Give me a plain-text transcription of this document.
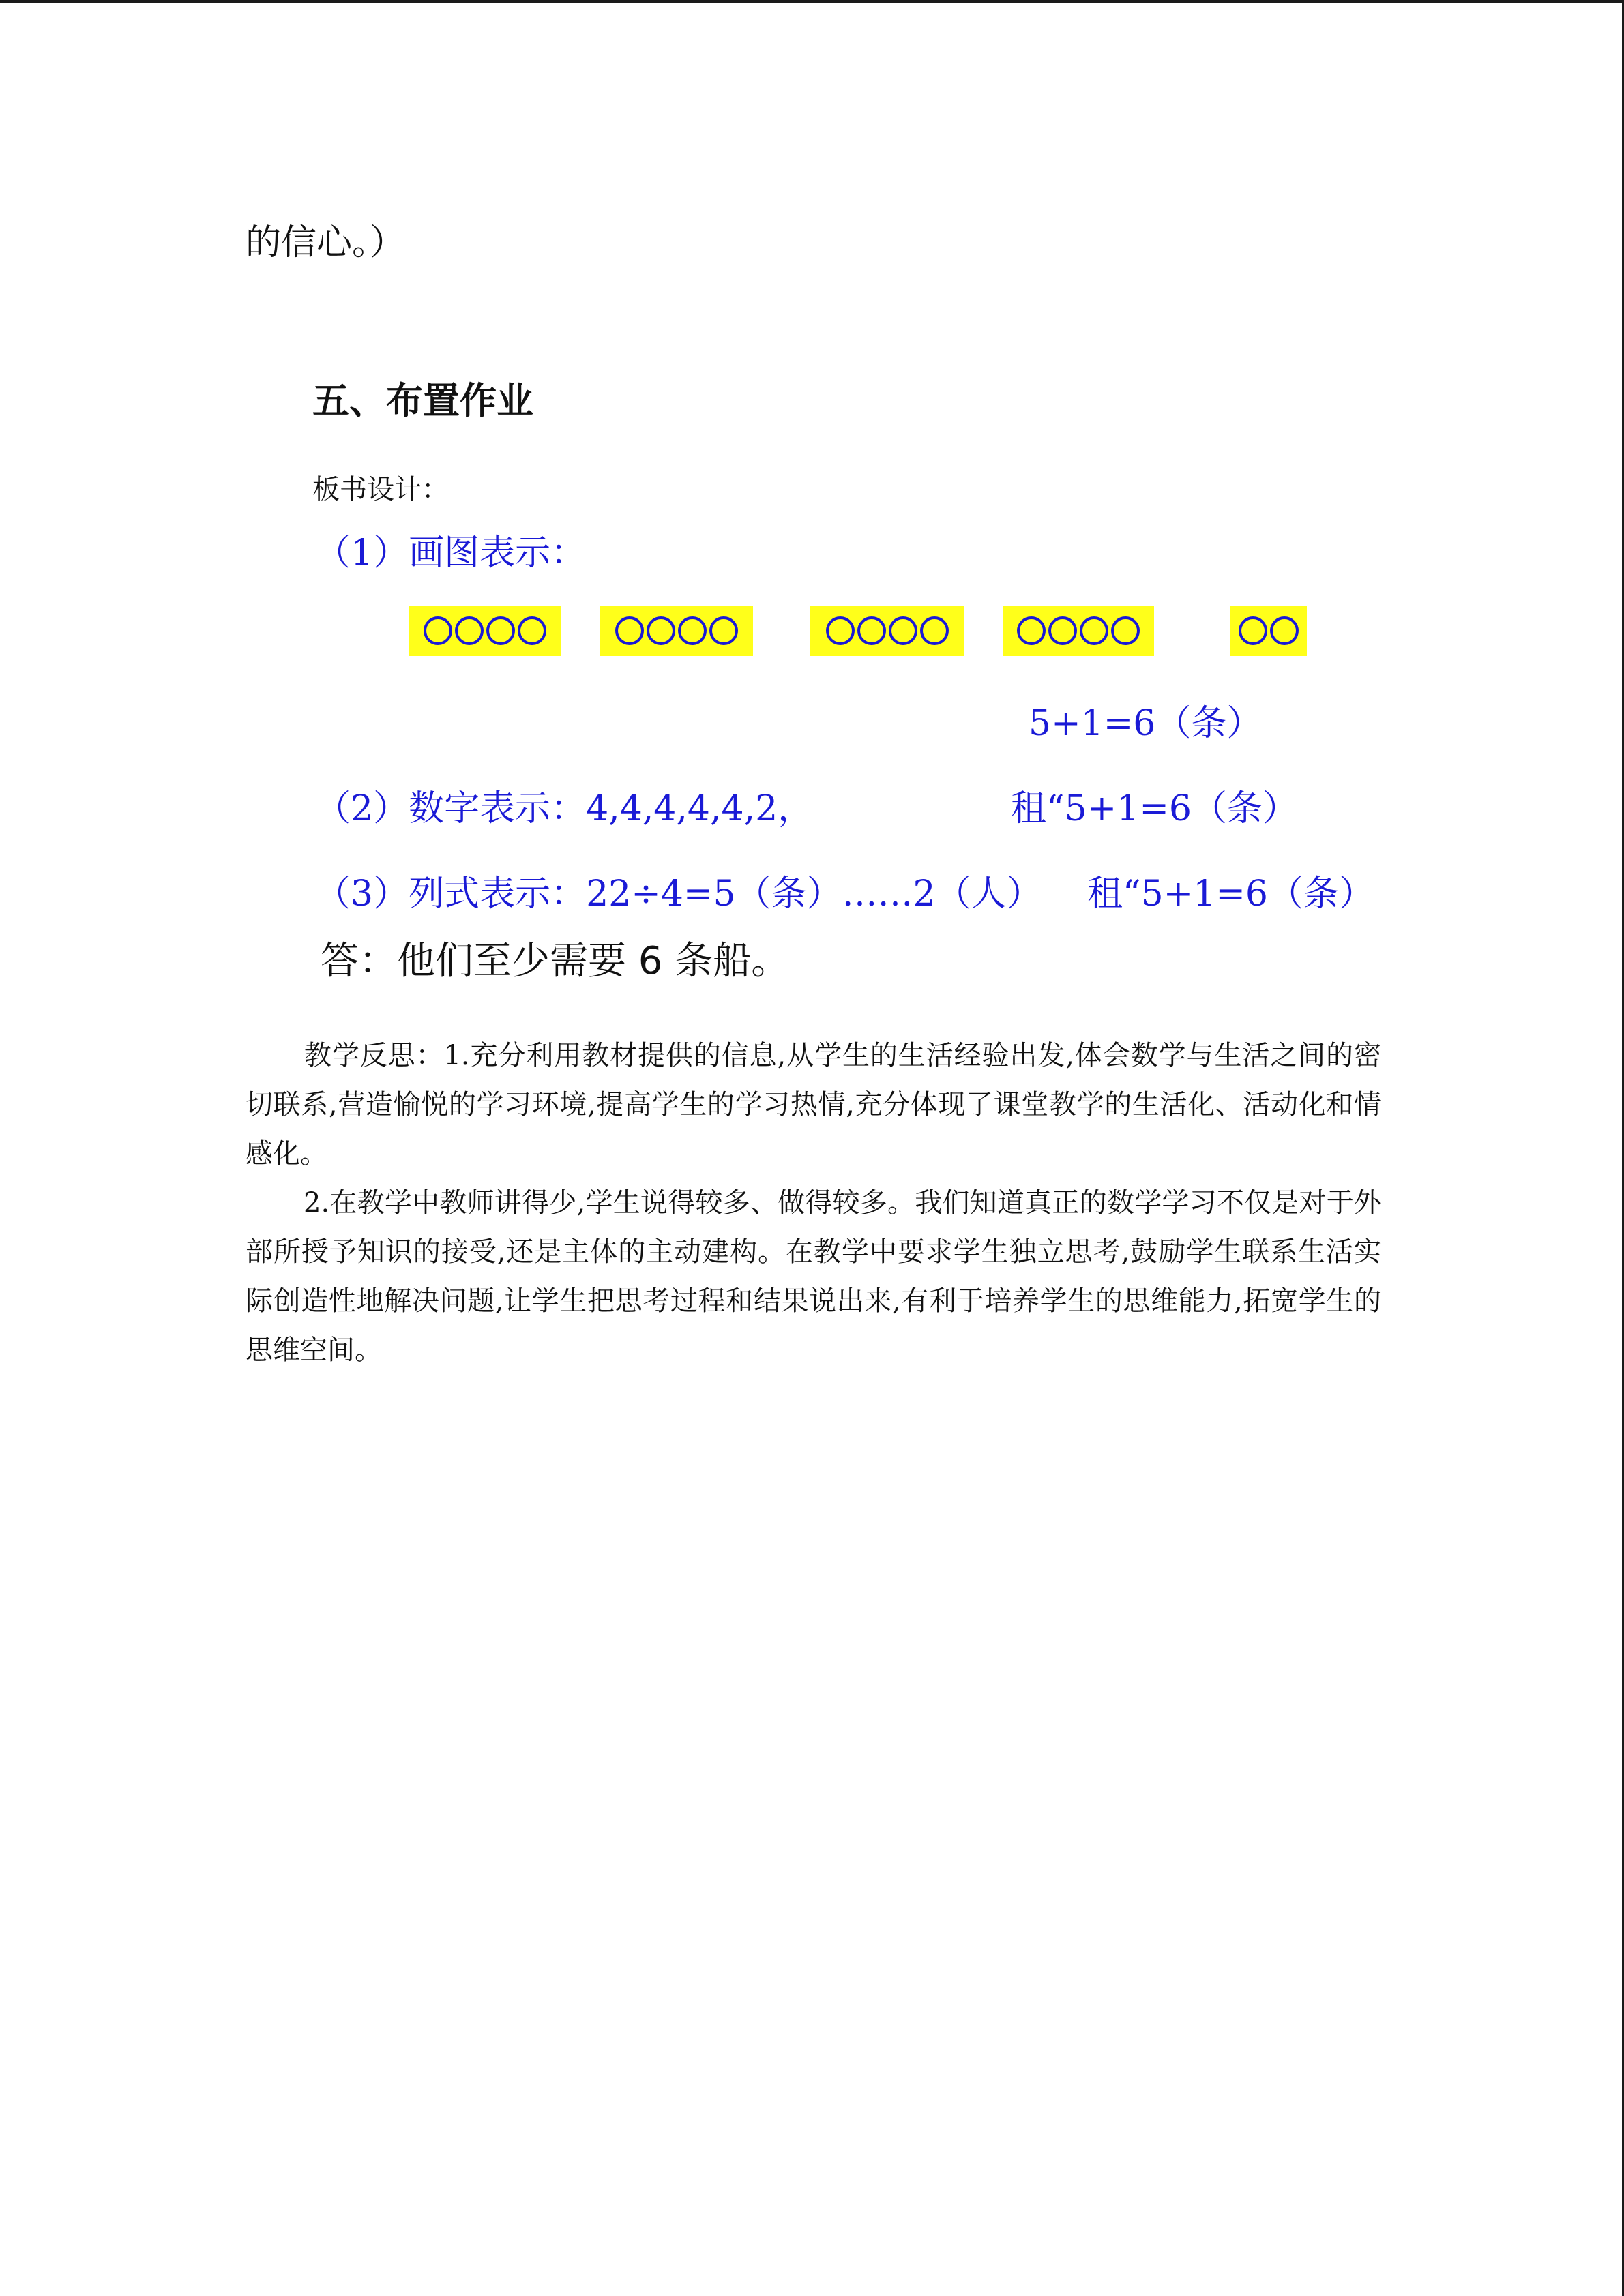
的信心。）
五、布置作业
板书设计：
（1）画图表示：
5+1=6（条）
（2）数字表示：4,4,4,4,4,2，	租“5+1=6（条）
（3）列式表示：22÷4=5（条）……2（人） 租“5+1=6（条）
答：他们至少需要 6 条船。
教学反思：1.充分利用教材提供的信息,从学生的生活经验出发,体会数学与生活之间的密切联系,营造愉悦的学习环境,提高学生的学习热情,充分体现了课堂教学的生活化、活动化和情感化。
2.在教学中教师讲得少,学生说得较多、做得较多。我们知道真正的数学学习不仅是对于外部所授予知识的接受,还是主体的主动建构。在教学中要求学生独立思考,鼓励学生联系生活实际创造性地解决问题,让学生把思考过程和结果说出来,有利于培养学生的思维能力,拓宽学生的思维空间。
